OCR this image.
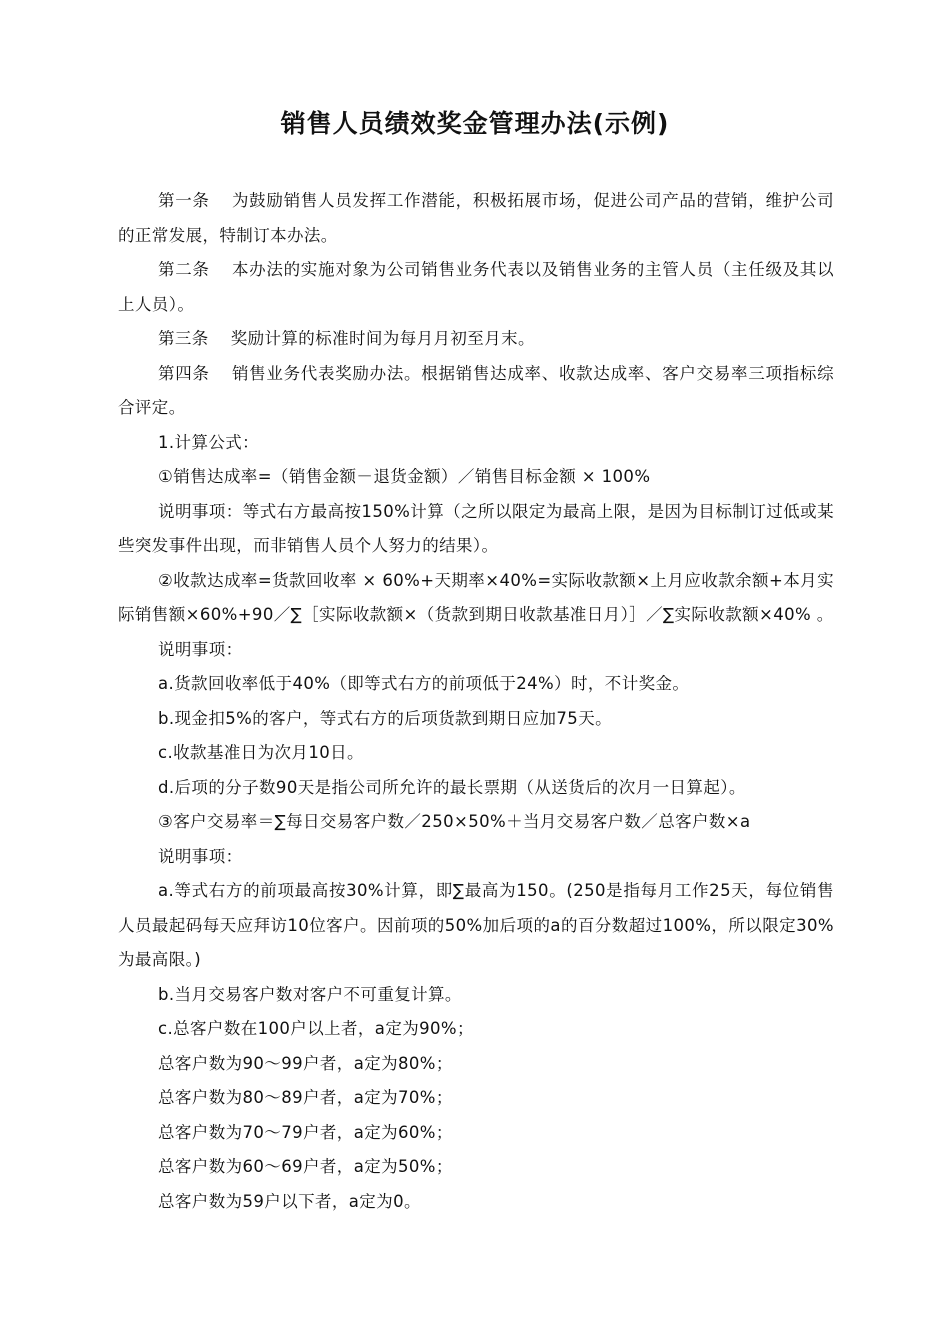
销售人员绩效奖金管理办法(示例)

第一条 为鼓励销售人员发挥工作潜能，积极拓展市场，促进公司产品的营销，维护公司的正常发展，特制订本办法。

第二条 本办法的实施对象为公司销售业务代表以及销售业务的主管人员（主任级及其以上人员）。

第三条 奖励计算的标准时间为每月月初至月末。

第四条 销售业务代表奖励办法。根据销售达成率、收款达成率、客户交易率三项指标综合评定。

1.计算公式：

①销售达成率=（销售金额－退货金额）／销售目标金额 × 100%

说明事项：等式右方最高按150%计算（之所以限定为最高上限，是因为目标制订过低或某些突发事件出现，而非销售人员个人努力的结果）。

②收款达成率=货款回收率 × 60%+天期率×40%=实际收款额×上月应收款余额+本月实际销售额×60%+90／∑［实际收款额×（货款到期日收款基准日月）］／∑实际收款额×40% 。

说明事项：

a.货款回收率低于40%（即等式右方的前项低于24%）时，不计奖金。

b.现金扣5%的客户，等式右方的后项货款到期日应加75天。

c.收款基准日为次月10日。

d.后项的分子数90天是指公司所允许的最长票期（从送货后的次月一日算起）。

③客户交易率＝∑每日交易客户数／250×50%＋当月交易客户数／总客户数×a

说明事项：

a.等式右方的前项最高按30%计算，即∑最高为150。(250是指每月工作25天，每位销售人员最起码每天应拜访10位客户。因前项的50%加后项的a的百分数超过100%，所以限定30%为最高限。)

b.当月交易客户数对客户不可重复计算。

c.总客户数在100户以上者，a定为90%；

总客户数为90～99户者，a定为80%；

总客户数为80～89户者，a定为70%；

总客户数为70～79户者，a定为60%；

总客户数为60～69户者，a定为50%；

总客户数为59户以下者，a定为0。
